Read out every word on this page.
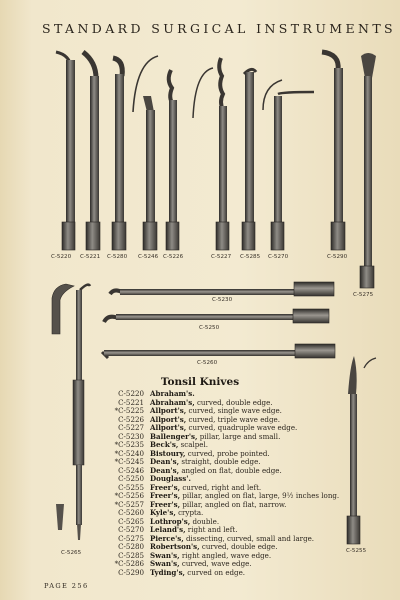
STANDARD SURGICAL INSTRUMENTS
C-5220 C-5221 C-5280 C-5246 C-5226	C-5227 C-5285 C-5270	C-5290
C-5275
C-5230
C-5250
C-5260
C-5265	C-5255
Tonsil Knives
C-5220 Abraham's.
C-5221 Abraham's, curved, double edge.
*C-5225 Allport's, curved, single wave edge.
C-5226 Allport's, curved, triple wave edge.
C-5227 Allport's, curved, quadruple wave edge.
C-5230 Ballenger's, pillar, large and small.
*C-5235 Beck's, scalpel.
*C-5240 Bistoury, curved, probe pointed.
*C-5245 Dean's, straight, double edge.
C-5246 Dean's, angled on flat, double edge.
C-5250 Douglass'.
C-5255 Freer's, curved, right and left.
*C-5256 Freer's, pillar, angled on flat, large, 9½ inches long.
*C-5257 Freer's, pillar, angled on flat, narrow.
C-5260 Kyle's, crypta.
C-5265 Lothrop's, double.
C-5270 Leland's, right and left.
C-5275 Pierce's, dissecting, curved, small and large.
C-5280 Robertson's, curved, double edge.
C-5285 Swan's, right angled, wave edge.
*C-5286 Swan's, curved, wave edge.
C-5290 Tyding's, curved on edge.
PAGE 256
